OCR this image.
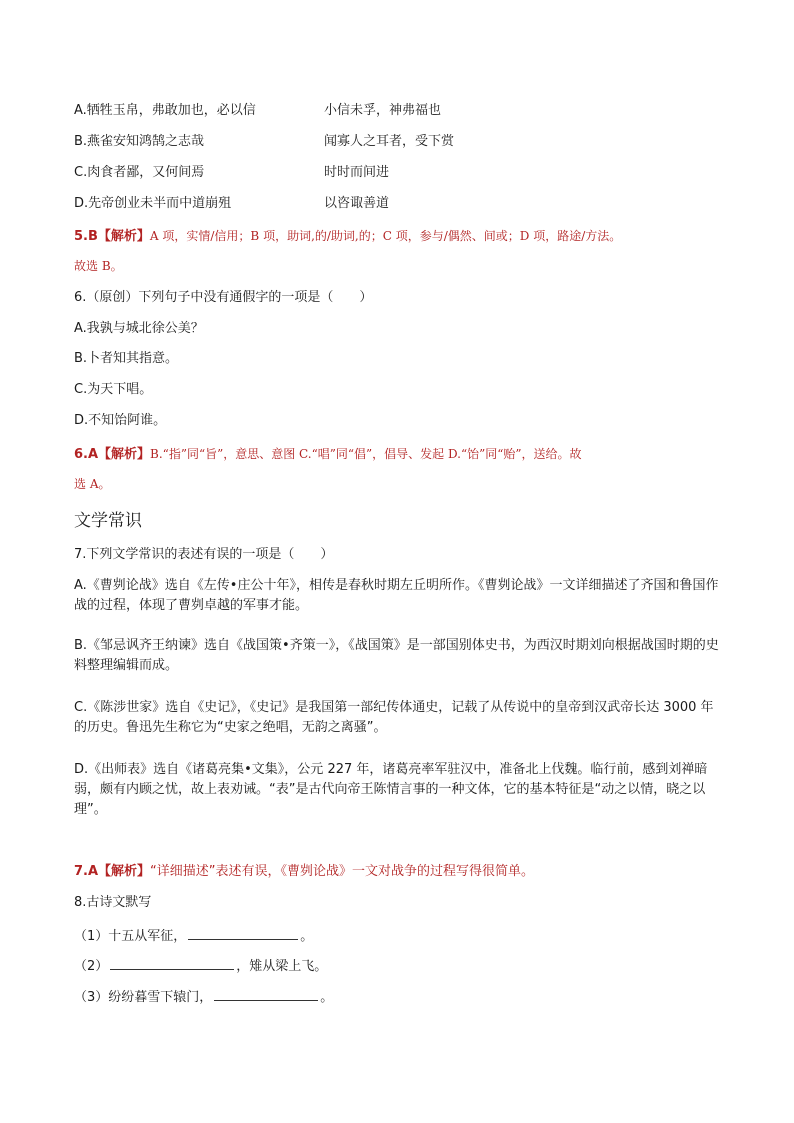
A.牺牲玉帛，弗敢加也，必以信	小信未孚，神弗福也
B.燕雀安知鸿鹄之志哉	闻寡人之耳者，受下赏
C.肉食者鄙，又何间焉	时时而间进
D.先帝创业未半而中道崩殂	以咨诹善道
5.B【解析】A 项，实情/信用；B 项，助词,的/助词,的；C 项，参与/偶然、间或；D 项，路途/方法。
故选 B。
6.（原创）下列句子中没有通假字的一项是（　　）
A.我孰与城北徐公美？
B.卜者知其指意。
C.为天下唱。
D.不知饴阿谁。
6.A【解析】B.“指”同“旨”，意思、意图 C.“唱”同“倡”，倡导、发起 D.“饴”同“贻”，送给。故
选 A。
文学常识
7.下列文学常识的表述有误的一项是（　　）
A.《曹刿论战》选自《左传•庄公十年》，相传是春秋时期左丘明所作。《曹刿论战》一文详细描述了齐国和鲁国作战的过程，体现了曹刿卓越的军事才能。
B.《邹忌讽齐王纳谏》选自《战国策•齐策一》，《战国策》是一部国别体史书，为西汉时期刘向根据战国时期的史料整理编辑而成。
C.《陈涉世家》选自《史记》，《史记》是我国第一部纪传体通史，记载了从传说中的皇帝到汉武帝长达 3000 年的历史。鲁迅先生称它为“史家之绝唱，无韵之离骚”。
D.《出师表》选自《诸葛亮集•文集》，公元 227 年，诸葛亮率军驻汉中，准备北上伐魏。临行前，感到刘禅暗弱，颇有内顾之忧，故上表劝诫。“表”是古代向帝王陈情言事的一种文体，它的基本特征是“动之以情，晓之以理”。
7.A【解析】“详细描述”表述有误，《曹刿论战》一文对战争的过程写得很简单。
8.古诗文默写
（1）十五从军征，	。
（2）	，雉从梁上飞。
（3）纷纷暮雪下辕门，	。
